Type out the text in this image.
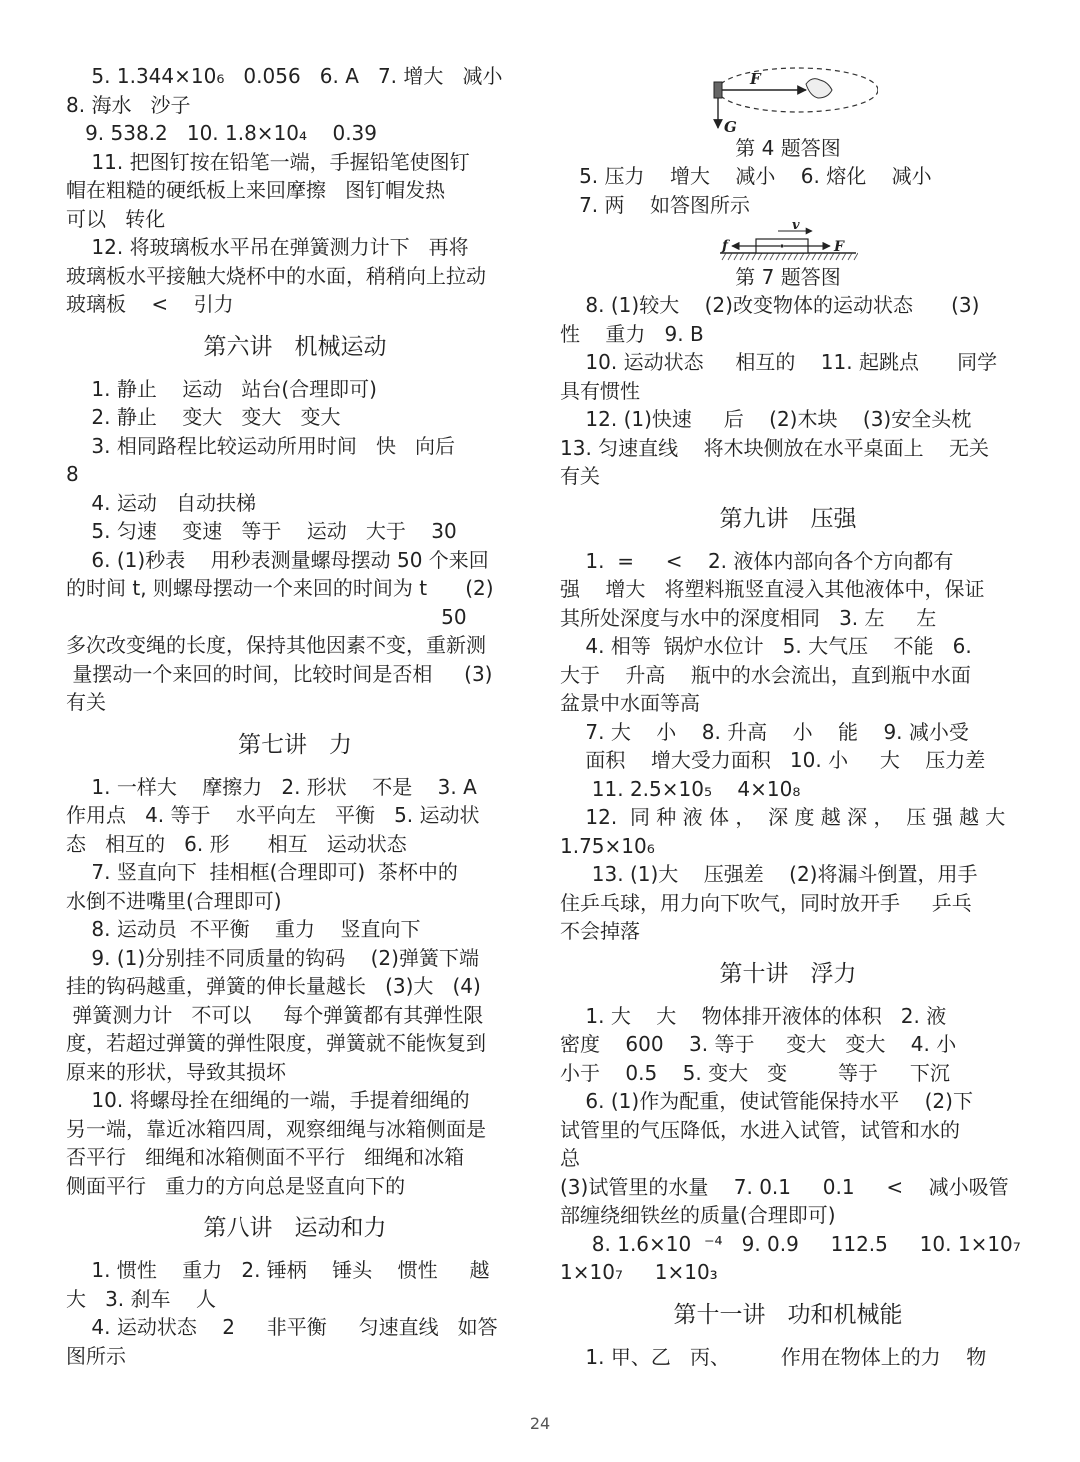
5. 1.344×10₆   0.056   6. A   7. 增大   减小
8. 海水   沙子
9. 538.2   10. 1.8×10₄    0.39
11. 把图钉按在铅笔一端，手握铅笔使图钉
帽在粗糙的硬纸板上来回摩擦   图钉帽发热
可以   转化
12. 将玻璃板水平吊在弹簧测力计下   再将
玻璃板水平接触大烧杯中的水面，稍稍向上拉动
玻璃板    <    引力
第六讲   机械运动
1. 静止    运动   站台(合理即可)
2. 静止    变大   变大   变大
3. 相同路程比较运动所用时间   快   向后
8
4. 运动   自动扶梯
5. 匀速    变速   等于    运动   大于    30
6. (1)秒表    用秒表测量螺母摆动 50 个来回
的时间 t, 则螺母摆动一个来回的时间为 t      (2)
50
多次改变绳的长度，保持其他因素不变，重新测
量摆动一个来回的时间，比较时间是否相     (3)
有关
第七讲   力
1. 一样大    摩擦力   2. 形状    不是    3. A
作用点   4. 等于    水平向左   平衡   5. 运动状
态   相互的   6. 形      相互   运动状态
7. 竖直向下  挂相框(合理即可)  茶杯中的
水倒不进嘴里(合理即可)
8. 运动员  不平衡    重力    竖直向下
9. (1)分别挂不同质量的钩码    (2)弹簧下端
挂的钩码越重，弹簧的伸长量越长   (3)大   (4)
弹簧测力计   不可以     每个弹簧都有其弹性限
度，若超过弹簧的弹性限度，弹簧就不能恢复到
原来的形状，导致其损坏
10. 将螺母拴在细绳的一端，手提着细绳的
另一端，靠近冰箱四周，观察细绳与冰箱侧面是
否平行   细绳和冰箱侧面不平行   细绳和冰箱
侧面平行   重力的方向总是竖直向下的
第八讲   运动和力
1. 惯性    重力   2. 锤柄    锤头    惯性     越
大   3. 刹车    人
4. 运动状态    2     非平衡     匀速直线   如答
图所示
F
G
第 4 题答图
5. 压力    增大    减小    6. 熔化    减小
7. 两    如答图所示
v
f	F
第 7 题答图
8. (1)较大    (2)改变物体的运动状态      (3)
性    重力   9. B
10. 运动状态     相互的    11. 起跳点      同学
具有惯性
12. (1)快速     后    (2)木块    (3)安全头枕
13. 匀速直线    将木块侧放在水平桌面上    无关
有关
第九讲   压强
1.  =     <    2. 液体内部向各个方向都有
强    增大   将塑料瓶竖直浸入其他液体中，保证
其所处深度与水中的深度相同   3. 左     左
4. 相等  锅炉水位计   5. 大气压    不能   6.
大于    升高    瓶中的水会流出，直到瓶中水面
盆景中水面等高
7. 大    小    8. 升高    小    能    9. 减小受
面积    增大受力面积   10. 小     大    压力差
11. 2.5×10₅    4×10₈
12.  同 种 液 体 ，  深 度 越 深 ，  压 强 越 大
1.75×10₆
13. (1)大    压强差    (2)将漏斗倒置，用手
住乒乓球，用力向下吹气，同时放开手     乒乓
不会掉落
第十讲   浮力
1. 大    大    物体排开液体的体积   2. 液
密度    600    3. 等于     变大   变大    4. 小
小于    0.5    5. 变大   变        等于     下沉
6. (1)作为配重，使试管能保持水平    (2)下
试管里的气压降低，水进入试管，试管和水的
总
(3)试管里的水量    7. 0.1     0.1     <    减小吸管
部缠绕细铁丝的质量(合理即可)
8. 1.6×10  ⁻⁴   9. 0.9     112.5     10. 1×10₇
1×10₇     1×10₃
第十一讲   功和机械能
1. 甲、乙   丙、        作用在物体上的力    物
24
